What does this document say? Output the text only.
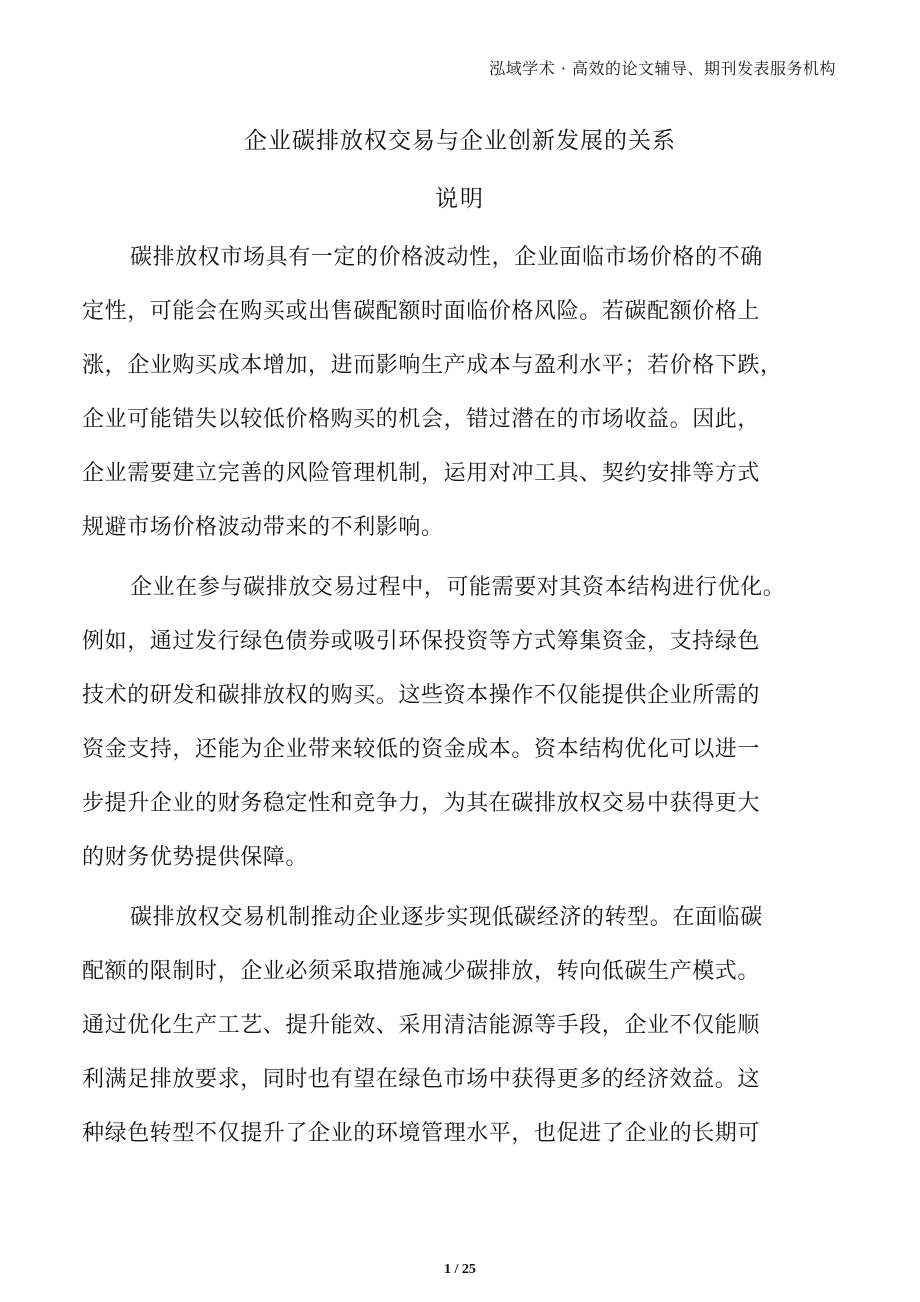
泓域学术 · 高效的论文辅导、期刊发表服务机构
企业碳排放权交易与企业创新发展的关系
说明
碳排放权市场具有一定的价格波动性，企业面临市场价格的不确
定性，可能会在购买或出售碳配额时面临价格风险。若碳配额价格上
涨，企业购买成本增加，进而影响生产成本与盈利水平；若价格下跌，
企业可能错失以较低价格购买的机会，错过潜在的市场收益。因此，
企业需要建立完善的风险管理机制，运用对冲工具、契约安排等方式
规避市场价格波动带来的不利影响。
企业在参与碳排放交易过程中，可能需要对其资本结构进行优化。
例如，通过发行绿色债券或吸引环保投资等方式筹集资金，支持绿色
技术的研发和碳排放权的购买。这些资本操作不仅能提供企业所需的
资金支持，还能为企业带来较低的资金成本。资本结构优化可以进一
步提升企业的财务稳定性和竞争力，为其在碳排放权交易中获得更大
的财务优势提供保障。
碳排放权交易机制推动企业逐步实现低碳经济的转型。在面临碳
配额的限制时，企业必须采取措施减少碳排放，转向低碳生产模式。
通过优化生产工艺、提升能效、采用清洁能源等手段，企业不仅能顺
利满足排放要求，同时也有望在绿色市场中获得更多的经济效益。这
种绿色转型不仅提升了企业的环境管理水平，也促进了企业的长期可
1 / 25
